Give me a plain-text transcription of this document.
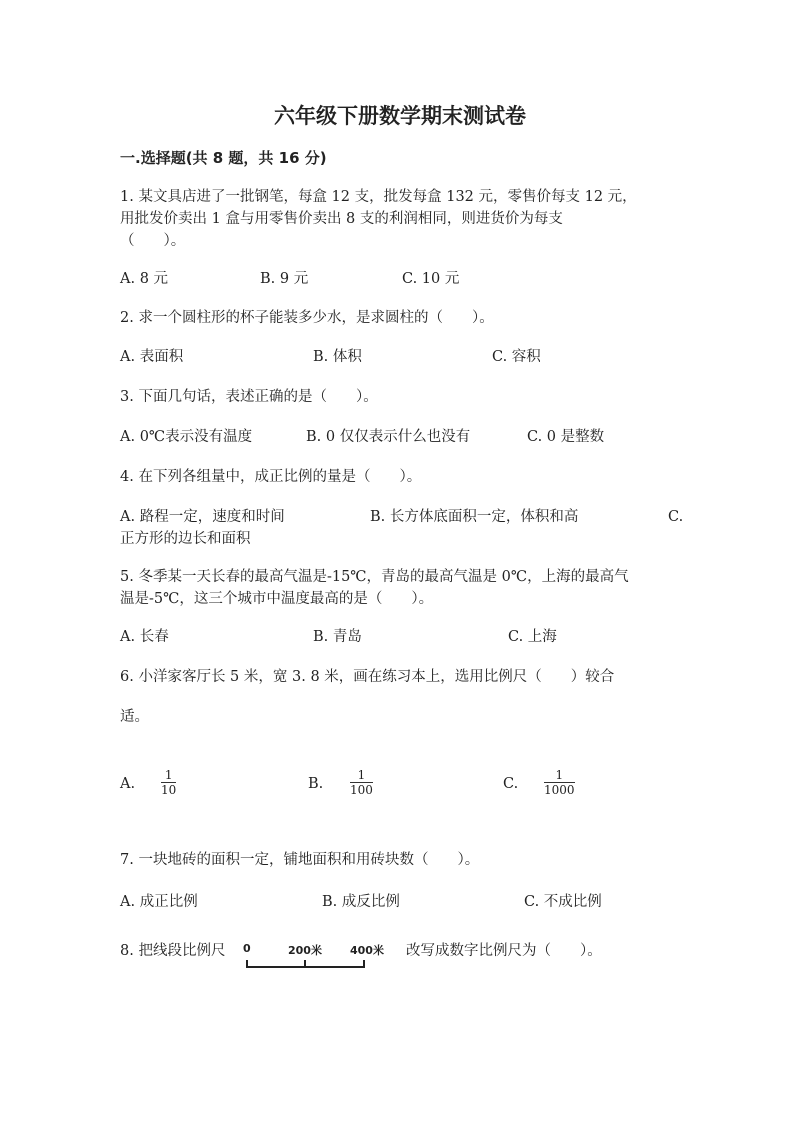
六年级下册数学期末测试卷
一.选择题(共 8 题，共 16 分)
1. 某文具店进了一批钢笔，每盒 12 支，批发每盒 132 元，零售价每支 12 元，
用批发价卖出 1 盒与用零售价卖出 8 支的利润相同，则进货价为每支
（　　）。
A. 8 元	B. 9 元	C. 10 元
2. 求一个圆柱形的杯子能装多少水，是求圆柱的（　　）。
A. 表面积	B. 体积	C. 容积
3. 下面几句话，表述正确的是（　　）。
A. 0℃表示没有温度	B. 0 仅仅表示什么也没有	C. 0 是整数
4. 在下列各组量中，成正比例的量是（　　）。
A. 路程一定，速度和时间	B. 长方体底面积一定，体积和高	C.
正方形的边长和面积
5. 冬季某一天长春的最高气温是-15℃，青岛的最高气温是 0℃，上海的最高气
温是-5℃，这三个城市中温度最高的是（　　）。
A. 长春	B. 青岛	C. 上海
6. 小洋家客厅长 5 米，宽 3. 8 米，画在练习本上，选用比例尺（　　）较合
适。
A.
1
10	B.
1
100	C.
1
1000
7. 一块地砖的面积一定，铺地面积和用砖块数（　　）。
A. 成正比例	B. 成反比例	C. 不成比例
8. 把线段比例尺 0	200米	400米 改写成数字比例尺为（　　）。
